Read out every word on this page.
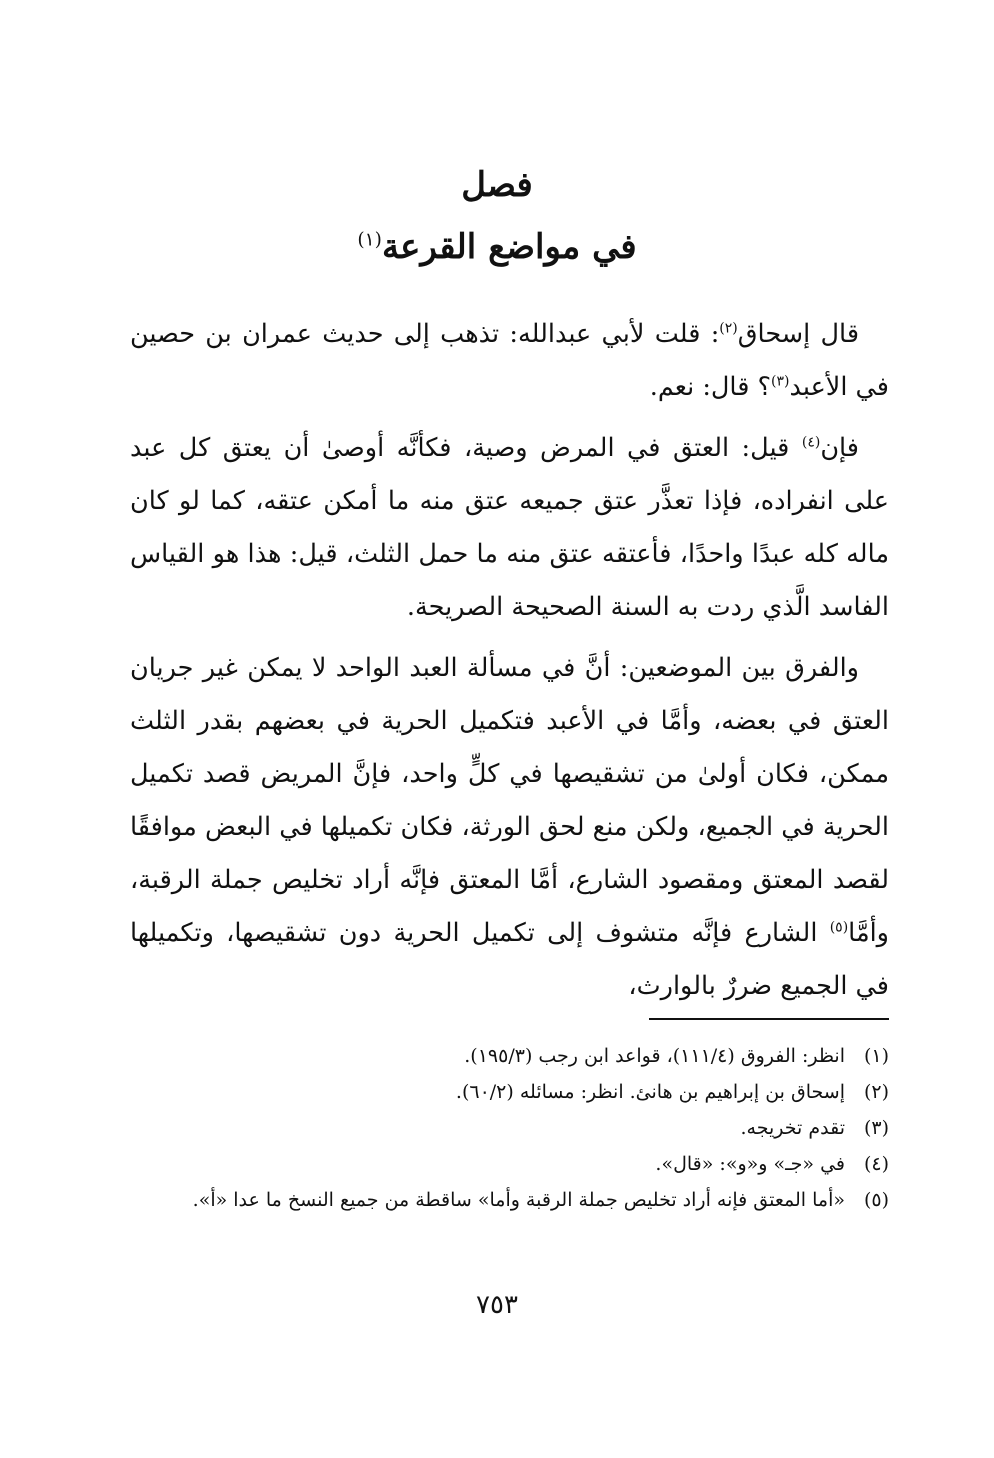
فصل
في مواضع القرعة$^{(١)}$

قال إسحاق$^{(٢)}$: قلت لأبي عبدالله: تذهب إلى حديث عمران بن حصين في الأعبد$^{(٣)}$؟ قال: نعم.

فإن$^{(٤)}$ قيل: العتق في المرض وصية، فكأنَّه أوصىٰ أن يعتق كل عبد على انفراده، فإذا تعذَّر عتق جميعه عتق منه ما أمكن عتقه، كما لو كان ماله كله عبدًا واحدًا، فأعتقه عتق منه ما حمل الثلث، قيل: هذا هو القياس الفاسد الَّذي ردت به السنة الصحيحة الصريحة.

والفرق بين الموضعين: أنَّ في مسألة العبد الواحد لا يمكن غير جريان العتق في بعضه، وأمَّا في الأعبد فتكميل الحرية في بعضهم بقدر الثلث ممكن، فكان أولىٰ من تشقيصها في كلٍّ واحد، فإنَّ المريض قصد تكميل الحرية في الجميع، ولكن منع لحق الورثة، فكان تكميلها في البعض موافقًا لقصد المعتق ومقصود الشارع، أمَّا المعتق فإنَّه أراد تخليص جملة الرقبة، وأمَّا$^{(٥)}$ الشارع فإنَّه متشوف إلى تكميل الحرية دون تشقيصها، وتكميلها في الجميع ضررٌ بالوارث،

(١)
انظر: الفروق (١١١/٤)، قواعد ابن رجب (١٩٥/٣).
(٢)
إسحاق بن إبراهيم بن هانئ. انظر: مسائله (٦٠/٢).
(٣)
تقدم تخريجه.
(٤)
في «جـ» و«و»: «قال».
(٥)
«أما المعتق فإنه أراد تخليص جملة الرقبة وأما» ساقطة من جميع النسخ ما عدا «أ».
٧٥٣
